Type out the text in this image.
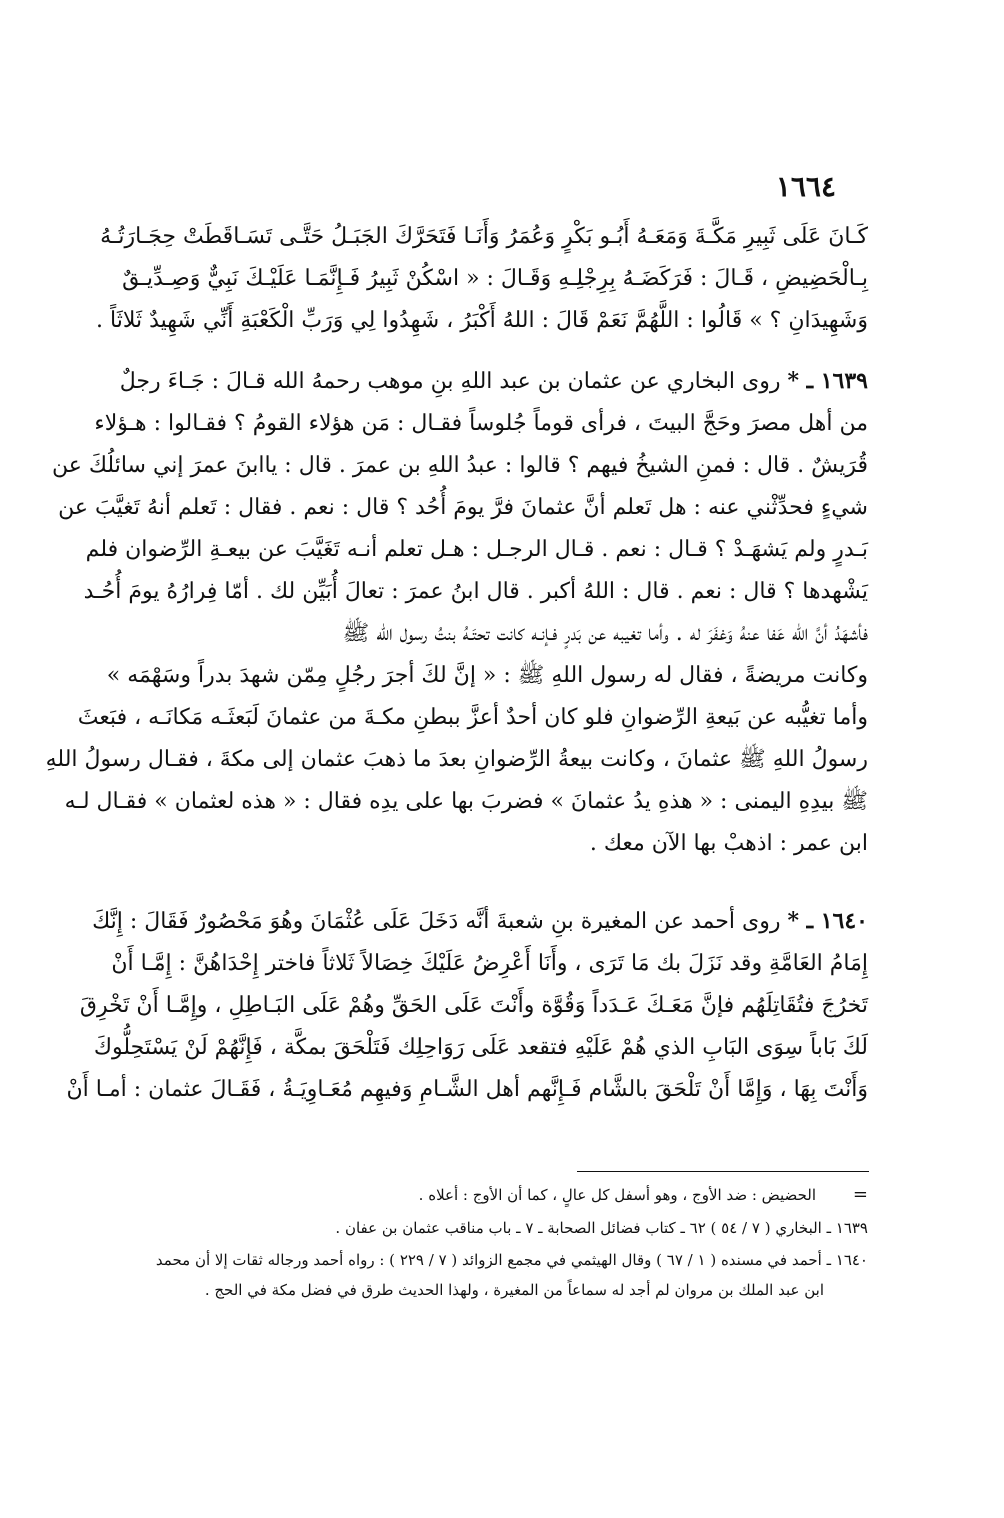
١٦٦٤
كَـانَ عَلَى ثَبِيرِ مَكَّـةَ وَمَعَـهُ أَبُـو بَكْرٍ وَعُمَرُ وَأَنَـا فَتَحَرَّكَ الجَبَـلُ حَتَّـى تَسَـاقَطَتْ حِجَـارَتُـهُ
بِـالْحَضِيضِ ، قَـالَ : فَرَكَضَـهُ بِرِجْلِـهِ وَقَـالَ : « اسْكُنْ ثَبِيرُ فَـإِنَّمَـا عَلَيْـكَ نَبِيٌّ وَصِـدِّيـقٌ
وَشَهِيدَانِ ؟ » قَالُوا : اللَّهُمَّ نَعَمْ قَالَ : اللهُ أَكْبَرُ ، شَهِدُوا لِي وَرَبِّ الْكَعْبَةِ أَنِّي شَهِيدٌ ثَلاثَاً .
١٦٣٩ ـ * روى البخاري عن عثمان بن عبد اللهِ بنِ موهب رحمهُ الله قـالَ : جَـاءَ رجلٌ
من أهل مصرَ وحَجَّ البيتَ ، فرأى قوماً جُلوساً فقـال : مَن هؤلاء القومُ ؟ فقـالوا : هـؤلاء
قُرَيشٌ . قال : فمنِ الشيخُ فيهم ؟ قالوا : عبدُ اللهِ بن عمرَ . قال : ياابنَ عمرَ إني سائلُكَ عن
شيءٍ فحدِّثْني عنه : هل تَعلم أنَّ عثمانَ فرَّ يومَ أُحُد ؟ قال : نعم . فقال : تَعلم أنهُ تَغيَّبَ عن
بَـدرٍ ولم يَشهَـدْ ؟ قـال : نعم . قـال الرجـل : هـل تعلم أنـه تَغَيَّبَ عن بيعـةِ الرِّضوان فلم
يَشْهدها ؟ قال : نعم . قال : اللهُ أكبر . قال ابنُ عمرَ : تعالَ أُبَيِّن لك . أمّا فِرارُهُ يومَ أُحُـد
فأشهَدُ أنَّ الله عَفا عنهُ وَغفَرَ له . وأما تغيبه عن بَدرٍ فـإنـه كانت تحتَـهُ بنتُ رسول الله ﷺ
وكانت مريضةً ، فقال له رسول اللهِ ﷺ : « إنَّ لكَ أجرَ رجُلٍ مِمّن شهدَ بدراً وسَهْمَه »
وأما تغيُّبه عن بَيعةِ الرِّضوانِ فلو كان أحدٌ أعزَّ ببطنِ مكـةَ من عثمانَ لَبَعثَـه مَكانَـه ، فبَعثَ
رسولُ اللهِ ﷺ عثمانَ ، وكانت بيعةُ الرِّضوانِ بعدَ ما ذهبَ عثمان إلى مكةَ ، فقـال رسولُ اللهِ
ﷺ بيدِهِ اليمنى : « هذهِ يدُ عثمانَ » فضربَ بها على يدِه فقال : « هذه لعثمان » فقـال لـه
ابن عمر : اذهبْ بها الآن معك .
١٦٤٠ ـ * روى أحمد عن المغيرة بنِ شعبةَ أنَّه دَخَلَ عَلَى عُثْمَانَ وهُوَ مَحْصُورٌ فَقَالَ : إِنَّكَ
إِمَامُ العَامَّةِ وقد نَزَلَ بك مَا تَرَى ، وأَنَا أَعْرِضُ عَلَيْكَ خِصَالاً ثَلاثاً فاختر إِحْدَاهُنَّ : إِمَّـا أَنْ
تَخرُجَ فتُقَاتِلَهُم فإنَّ مَعَـكَ عَـدَداً وَقُوَّة وأَنْتَ عَلَى الحَقِّ وهُمْ عَلَى البَـاطِلِ ، وإِمَّـا أَنْ تَخْرِقَ
لَكَ بَاباً سِوَى البَابِ الذي هُمْ عَلَيْهِ فتقعد عَلَى رَوَاحِلِك فَتَلْحَقَ بمكَّة ، فَإِنَّهُمْ لَنْ يَسْتَحِلُّوكَ
وَأَنْتَ بِهَا ، وَإِمَّا أَنْ تَلْحَقَ بالشَّام فَـإِنَّهم أهل الشَّـامِ وَفيهِم مُعَـاوِيَـةُ ، فَقَـالَ عثمان : أمـا أَنْ
=
الحضيض : ضد الأوج ، وهو أسفل كل عالٍ ، كما أن الأوج : أعلاه .
١٦٣٩ ـ البخاري ( ٧ / ٥٤ ) ٦٢ ـ كتاب فضائل الصحابة ـ ٧ ـ باب مناقب عثمان بن عفان .
١٦٤٠ ـ أحمد في مسنده ( ١ / ٦٧ ) وقال الهيثمي في مجمع الزوائد ( ٧ / ٢٢٩ ) : رواه أحمد ورجاله ثقات إلا أن محمد
ابن عبد الملك بن مروان لم أجد له سماعاً من المغيرة ، ولهذا الحديث طرق في فضل مكة في الحج .
